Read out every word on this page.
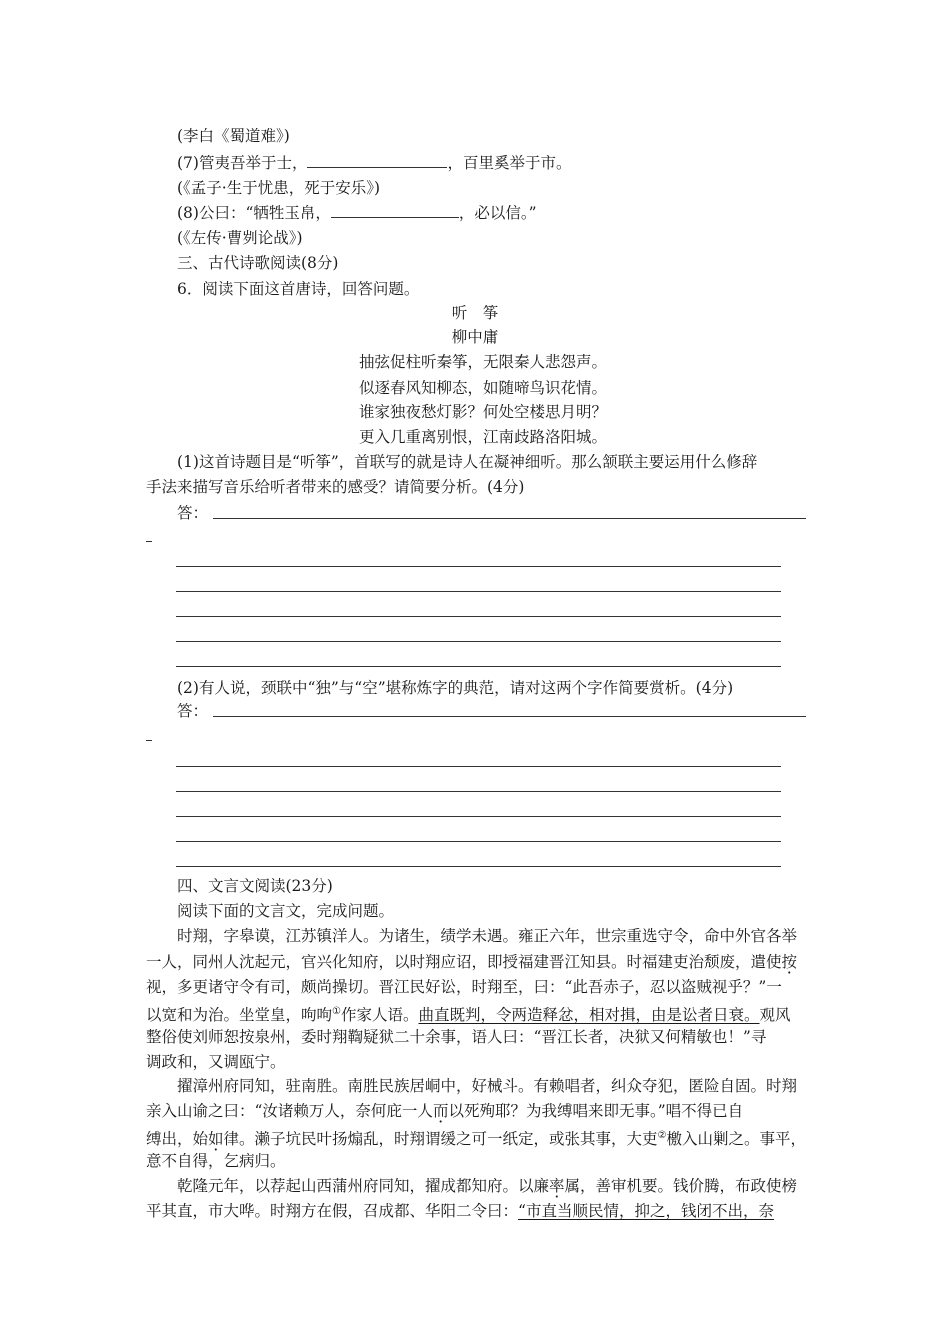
(李白《蜀道难》)
(7)管夷吾举于士，	，百里奚举于市。
(《孟子·生于忧患，死于安乐》)
(8)公曰：“牺牲玉帛，	，必以信。”
(《左传·曹刿论战》)
三、古代诗歌阅读(8分)
6．阅读下面这首唐诗，回答问题。
听　筝
柳中庸
抽弦促柱听秦筝，无限秦人悲怨声。
似逐春风知柳态，如随啼鸟识花情。
谁家独夜愁灯影？何处空楼思月明？
更入几重离别恨，江南歧路洛阳城。
(1)这首诗题目是“听筝”，首联写的就是诗人在凝神细听。那么颔联主要运用什么修辞
手法来描写音乐给听者带来的感受？请简要分析。(4分)
答：
(2)有人说，颈联中“独”与“空”堪称炼字的典范，请对这两个字作简要赏析。(4分)
答：
四、文言文阅读(23分)
阅读下面的文言文，完成问题。
时翔，字皋谟，江苏镇洋人。为诸生，绩学未遇。雍正六年，世宗重选守令，命中外官各举
一人，同州人沈起元，官兴化知府，以时翔应诏，即授福建晋江知县。时福建吏治颓废，遣使按
视，多更诸守令有司，颇尚操切。晋江民好讼，时翔至，曰：“此吾赤子，忍以盗贼视乎？”一
以宽和为治。坐堂皇，呴呴①作家人语。曲直既判，令两造释忿，相对揖，由是讼者日衰。观风
整俗使刘师恕按泉州，委时翔鞫疑狱二十余事，语人曰：“晋江长者，决狱又何精敏也！”寻
调政和，又调瓯宁。
擢漳州府同知，驻南胜。南胜民族居峒中，好械斗。有赖唱者，纠众夺犯，匿险自固。时翔
亲入山谕之曰：“汝诸赖万人，奈何庇一人而以死殉耶？为我缚唱来即无事。”唱不得已自
缚出，始如律。濑子坑民叶扬煽乱，时翔谓缓之可一纸定，或张其事，大吏②檄入山剿之。事平，
意不自得，乞病归。
乾隆元年，以荐起山西蒲州府同知，擢成都知府。以廉率属，善审机要。钱价腾，布政使榜
平其直，市大哗。时翔方在假，召成都、华阳二令曰：“市直当顺民情，抑之，钱闭不出，奈
